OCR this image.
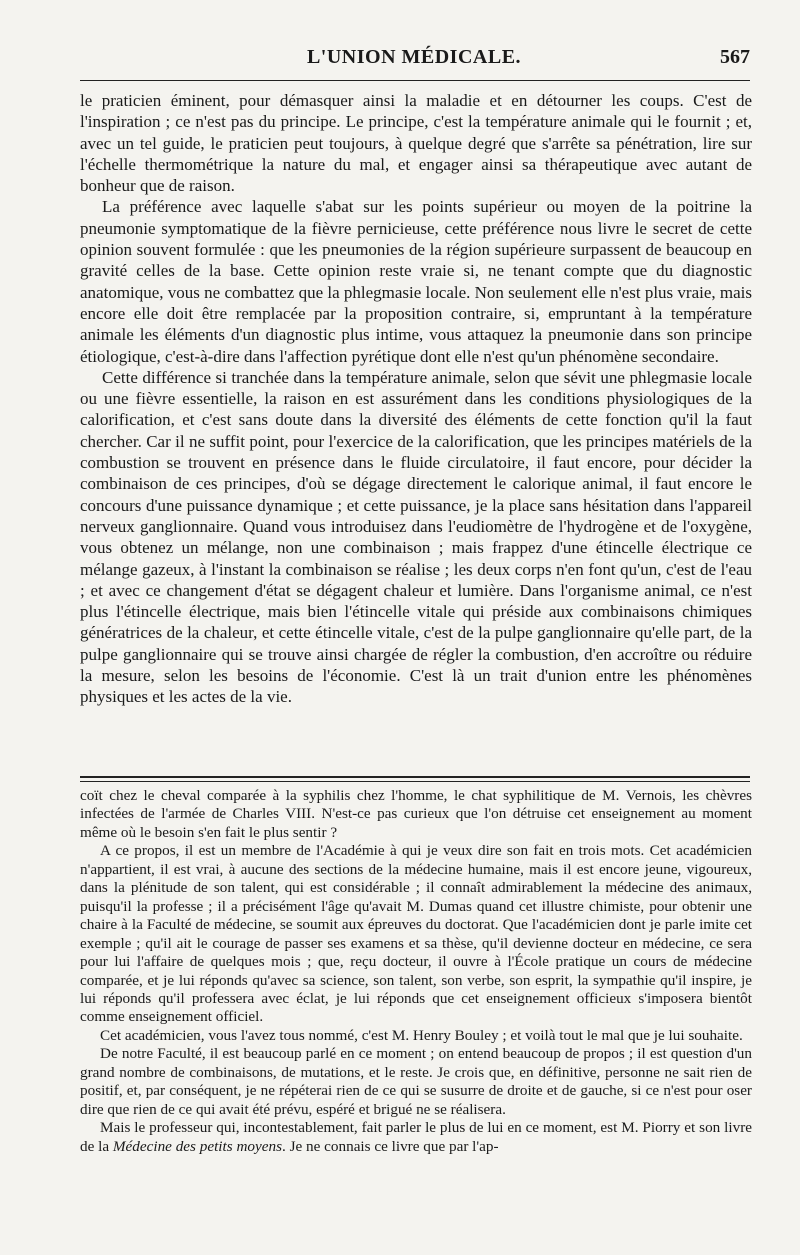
L'UNION MÉDICALE.	567

le praticien éminent, pour démasquer ainsi la maladie et en détourner les coups. C'est de l'inspiration ; ce n'est pas du principe. Le principe, c'est la température animale qui le fournit ; et, avec un tel guide, le praticien peut toujours, à quelque degré que s'arrête sa pénétration, lire sur l'échelle thermométrique la nature du mal, et engager ainsi sa thérapeutique avec autant de bonheur que de raison.

La préférence avec laquelle s'abat sur les points supérieur ou moyen de la poitrine la pneumonie symptomatique de la fièvre pernicieuse, cette préférence nous livre le secret de cette opinion souvent formulée : que les pneumonies de la région supérieure surpassent de beaucoup en gravité celles de la base. Cette opinion reste vraie si, ne tenant compte que du diagnostic anatomique, vous ne combattez que la phlegmasie locale. Non seulement elle n'est plus vraie, mais encore elle doit être remplacée par la proposition contraire, si, empruntant à la température animale les éléments d'un diagnostic plus intime, vous attaquez la pneumonie dans son principe étiologique, c'est-à-dire dans l'affection pyrétique dont elle n'est qu'un phénomène secondaire.

Cette différence si tranchée dans la température animale, selon que sévit une phlegmasie locale ou une fièvre essentielle, la raison en est assurément dans les conditions physiologiques de la calorification, et c'est sans doute dans la diversité des éléments de cette fonction qu'il la faut chercher. Car il ne suffit point, pour l'exercice de la calorification, que les principes matériels de la combustion se trouvent en présence dans le fluide circulatoire, il faut encore, pour décider la combinaison de ces principes, d'où se dégage directement le calorique animal, il faut encore le concours d'une puissance dynamique ; et cette puissance, je la place sans hésitation dans l'appareil nerveux ganglionnaire. Quand vous introduisez dans l'eudiomètre de l'hydrogène et de l'oxygène, vous obtenez un mélange, non une combinaison ; mais frappez d'une étincelle électrique ce mélange gazeux, à l'instant la combinaison se réalise ; les deux corps n'en font qu'un, c'est de l'eau ; et avec ce changement d'état se dégagent chaleur et lumière. Dans l'organisme animal, ce n'est plus l'étincelle électrique, mais bien l'étincelle vitale qui préside aux combinaisons chimiques génératrices de la chaleur, et cette étincelle vitale, c'est de la pulpe ganglionnaire qu'elle part, de la pulpe ganglionnaire qui se trouve ainsi chargée de régler la combustion, d'en accroître ou réduire la mesure, selon les besoins de l'économie. C'est là un trait d'union entre les phénomènes physiques et les actes de la vie.

coït chez le cheval comparée à la syphilis chez l'homme, le chat syphilitique de M. Vernois, les chèvres infectées de l'armée de Charles VIII. N'est-ce pas curieux que l'on détruise cet enseignement au moment même où le besoin s'en fait le plus sentir ?

A ce propos, il est un membre de l'Académie à qui je veux dire son fait en trois mots. Cet académicien n'appartient, il est vrai, à aucune des sections de la médecine humaine, mais il est encore jeune, vigoureux, dans la plénitude de son talent, qui est considérable ; il connaît admirablement la médecine des animaux, puisqu'il la professe ; il a précisément l'âge qu'avait M. Dumas quand cet illustre chimiste, pour obtenir une chaire à la Faculté de médecine, se soumit aux épreuves du doctorat. Que l'académicien dont je parle imite cet exemple ; qu'il ait le courage de passer ses examens et sa thèse, qu'il devienne docteur en médecine, ce sera pour lui l'affaire de quelques mois ; que, reçu docteur, il ouvre à l'École pratique un cours de médecine comparée, et je lui réponds qu'avec sa science, son talent, son verbe, son esprit, la sympathie qu'il inspire, je lui réponds qu'il professera avec éclat, je lui réponds que cet enseignement officieux s'imposera bientôt comme enseignement officiel.

Cet académicien, vous l'avez tous nommé, c'est M. Henry Bouley ; et voilà tout le mal que je lui souhaite.

De notre Faculté, il est beaucoup parlé en ce moment ; on entend beaucoup de propos ; il est question d'un grand nombre de combinaisons, de mutations, et le reste. Je crois que, en définitive, personne ne sait rien de positif, et, par conséquent, je ne répéterai rien de ce qui se susurre de droite et de gauche, si ce n'est pour oser dire que rien de ce qui avait été prévu, espéré et brigué ne se réalisera.

Mais le professeur qui, incontestablement, fait parler le plus de lui en ce moment, est M. Piorry et son livre de la Médecine des petits moyens. Je ne connais ce livre que par l'ap-
